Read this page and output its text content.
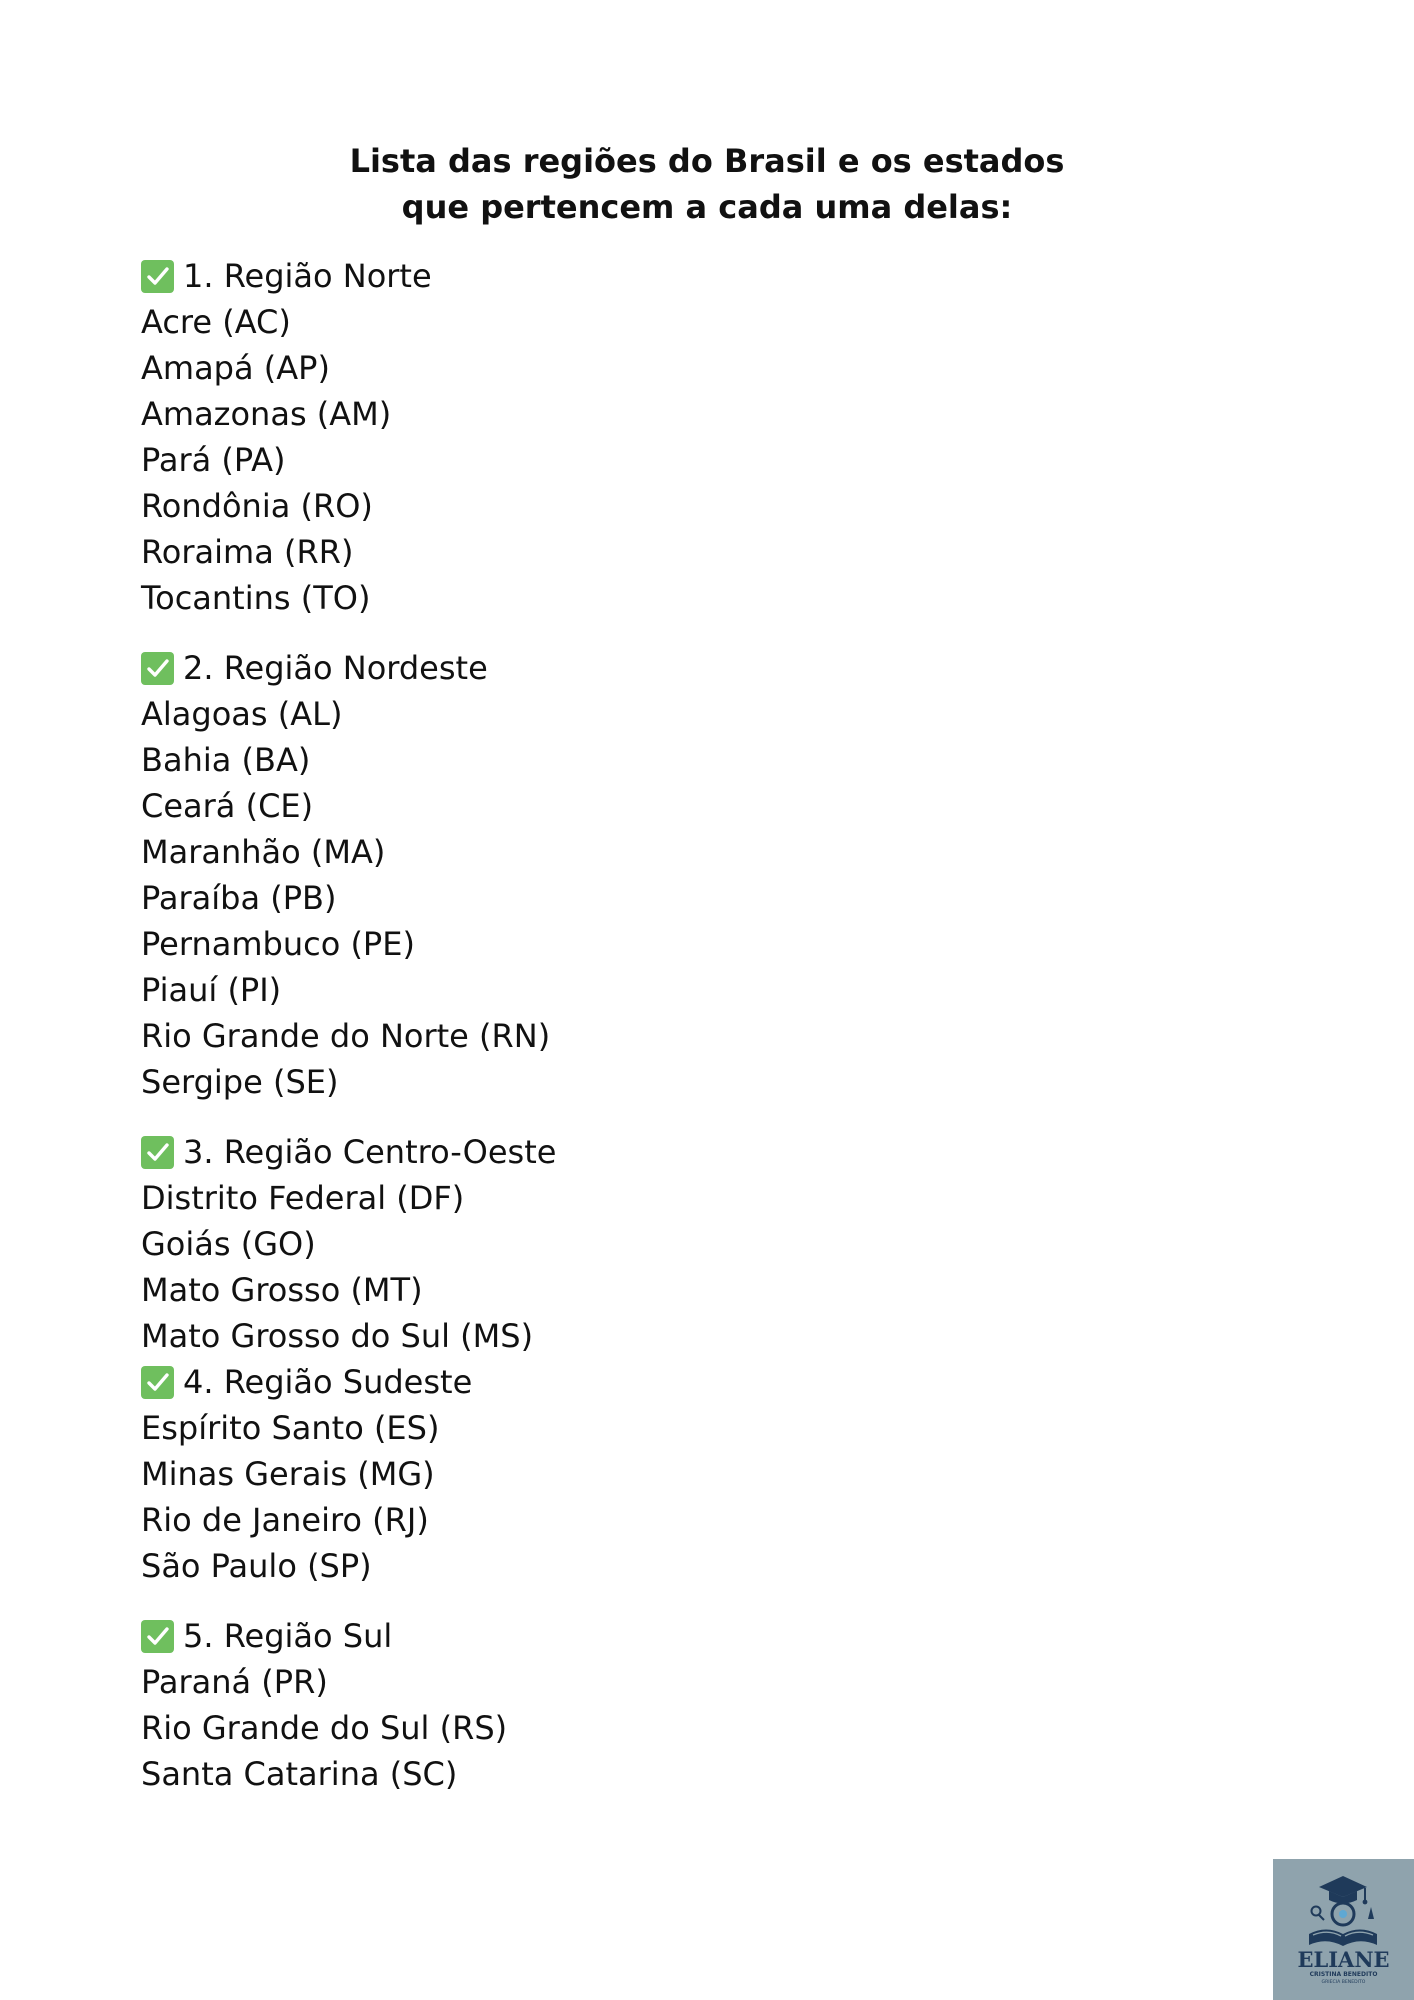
Lista das regiões do Brasil e os estados
que pertencem a cada uma delas:
1. Região Norte
Acre (AC)
Amapá (AP)
Amazonas (AM)
Pará (PA)
Rondônia (RO)
Roraima (RR)
Tocantins (TO)
2. Região Nordeste
Alagoas (AL)
Bahia (BA)
Ceará (CE)
Maranhão (MA)
Paraíba (PB)
Pernambuco (PE)
Piauí (PI)
Rio Grande do Norte (RN)
Sergipe (SE)
3. Região Centro-Oeste
Distrito Federal (DF)
Goiás (GO)
Mato Grosso (MT)
Mato Grosso do Sul (MS)
4. Região Sudeste
Espírito Santo (ES)
Minas Gerais (MG)
Rio de Janeiro (RJ)
São Paulo (SP)
5. Região Sul
Paraná (PR)
Rio Grande do Sul (RS)
Santa Catarina (SC)
ELIANE
CRISTINA BENEDITO
GRIECIA BENEDITO
